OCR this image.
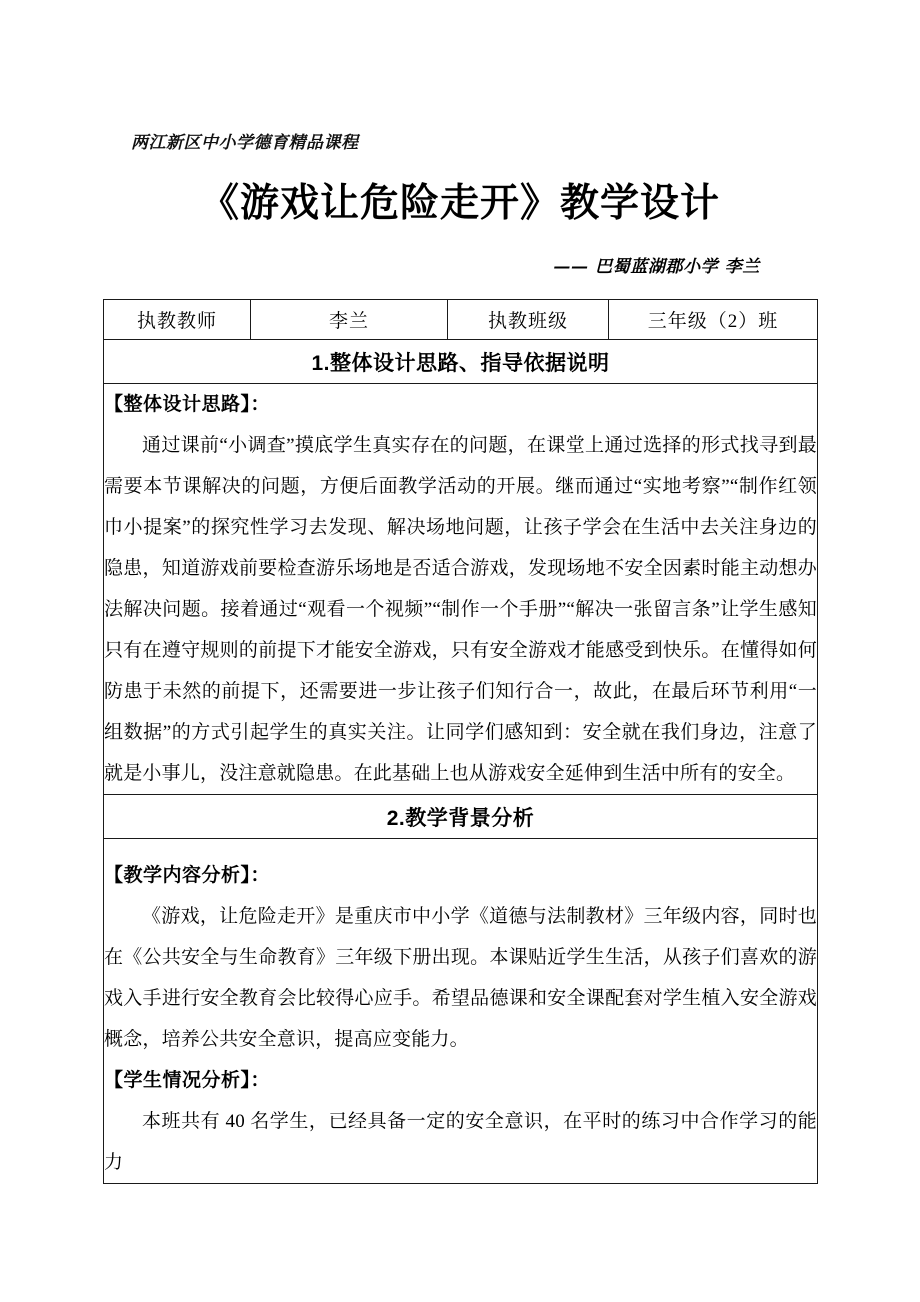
两江新区中小学德育精品课程
《游戏让危险走开》教学设计
—— 巴蜀蓝湖郡小学 李兰
执教教师	李兰	执教班级	三年级（2）班
1.整体设计思路、指导依据说明

【整体设计思路】：
通过课前“小调查”摸底学生真实存在的问题，在课堂上通过选择的形式找寻到最需要本节课解决的问题，方便后面教学活动的开展。继而通过“实地考察”“制作红领巾小提案”的探究性学习去发现、解决场地问题，让孩子学会在生活中去关注身边的隐患，知道游戏前要检查游乐场地是否适合游戏，发现场地不安全因素时能主动想办法解决问题。接着通过“观看一个视频”“制作一个手册”“解决一张留言条”让学生感知只有在遵守规则的前提下才能安全游戏，只有安全游戏才能感受到快乐。在懂得如何防患于未然的前提下，还需要进一步让孩子们知行合一，故此，在最后环节利用“一组数据”的方式引起学生的真实关注。让同学们感知到：安全就在我们身边，注意了就是小事儿，没注意就隐患。在此基础上也从游戏安全延伸到生活中所有的安全。

2.教学背景分析

【教学内容分析】：
《游戏，让危险走开》是重庆市中小学《道德与法制教材》三年级内容，同时也在《公共安全与生命教育》三年级下册出现。本课贴近学生生活，从孩子们喜欢的游戏入手进行安全教育会比较得心应手。希望品德课和安全课配套对学生植入安全游戏概念，培养公共安全意识，提高应变能力。
【学生情况分析】：
本班共有 40 名学生，已经具备一定的安全意识，在平时的练习中合作学习的能力
